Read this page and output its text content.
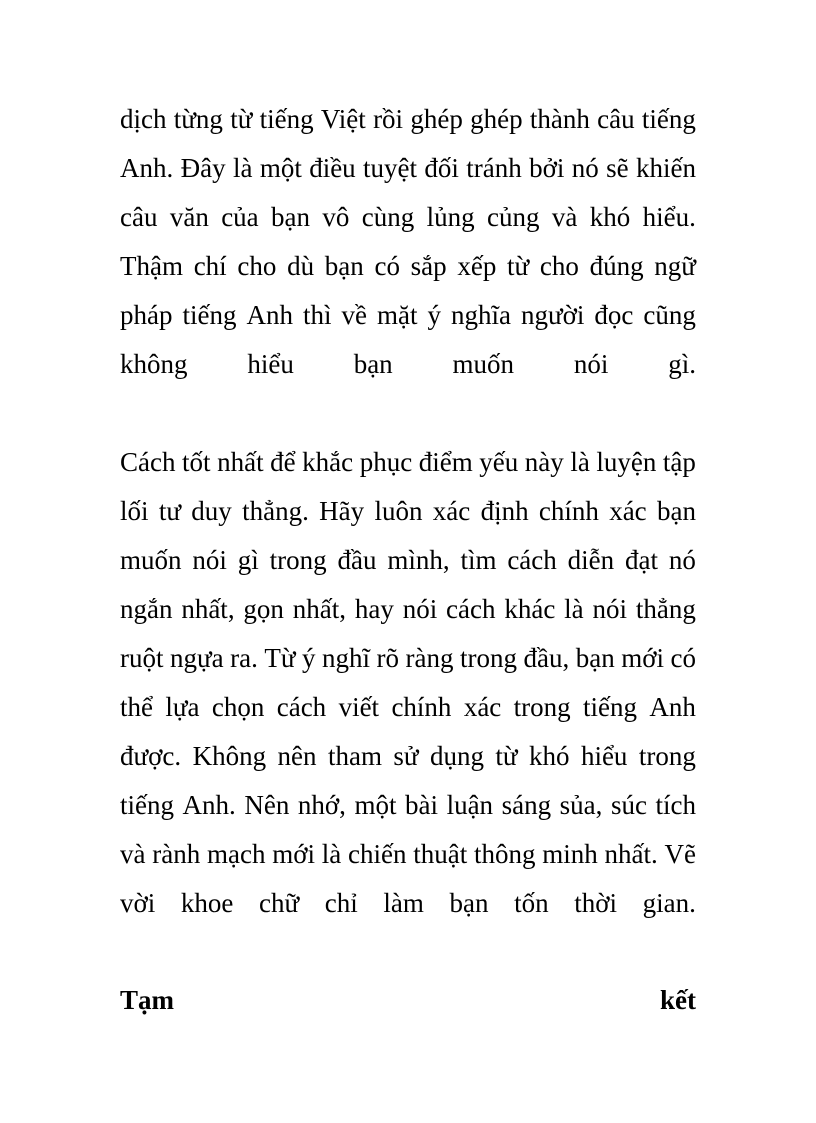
dịch từng từ tiếng Việt rồi ghép ghép thành câu tiếng
Anh. Đây là một điều tuyệt đối tránh bởi nó sẽ khiến
câu văn của bạn vô cùng lủng củng và khó hiểu.
Thậm chí cho dù bạn có sắp xếp từ cho đúng ngữ
pháp tiếng Anh thì về mặt ý nghĩa người đọc cũng
không hiểu bạn muốn nói gì.
Cách tốt nhất để khắc phục điểm yếu này là luyện tập
lối tư duy thẳng. Hãy luôn xác định chính xác bạn
muốn nói gì trong đầu mình, tìm cách diễn đạt nó
ngắn nhất, gọn nhất, hay nói cách khác là nói thẳng
ruột ngựa ra. Từ ý nghĩ rõ ràng trong đầu, bạn mới có
thể lựa chọn cách viết chính xác trong tiếng Anh
được. Không nên tham sử dụng từ khó hiểu trong
tiếng Anh. Nên nhớ, một bài luận sáng sủa, súc tích
và rành mạch mới là chiến thuật thông minh nhất. Vẽ
vời khoe chữ chỉ làm bạn tốn thời gian.
Tạm	kết
